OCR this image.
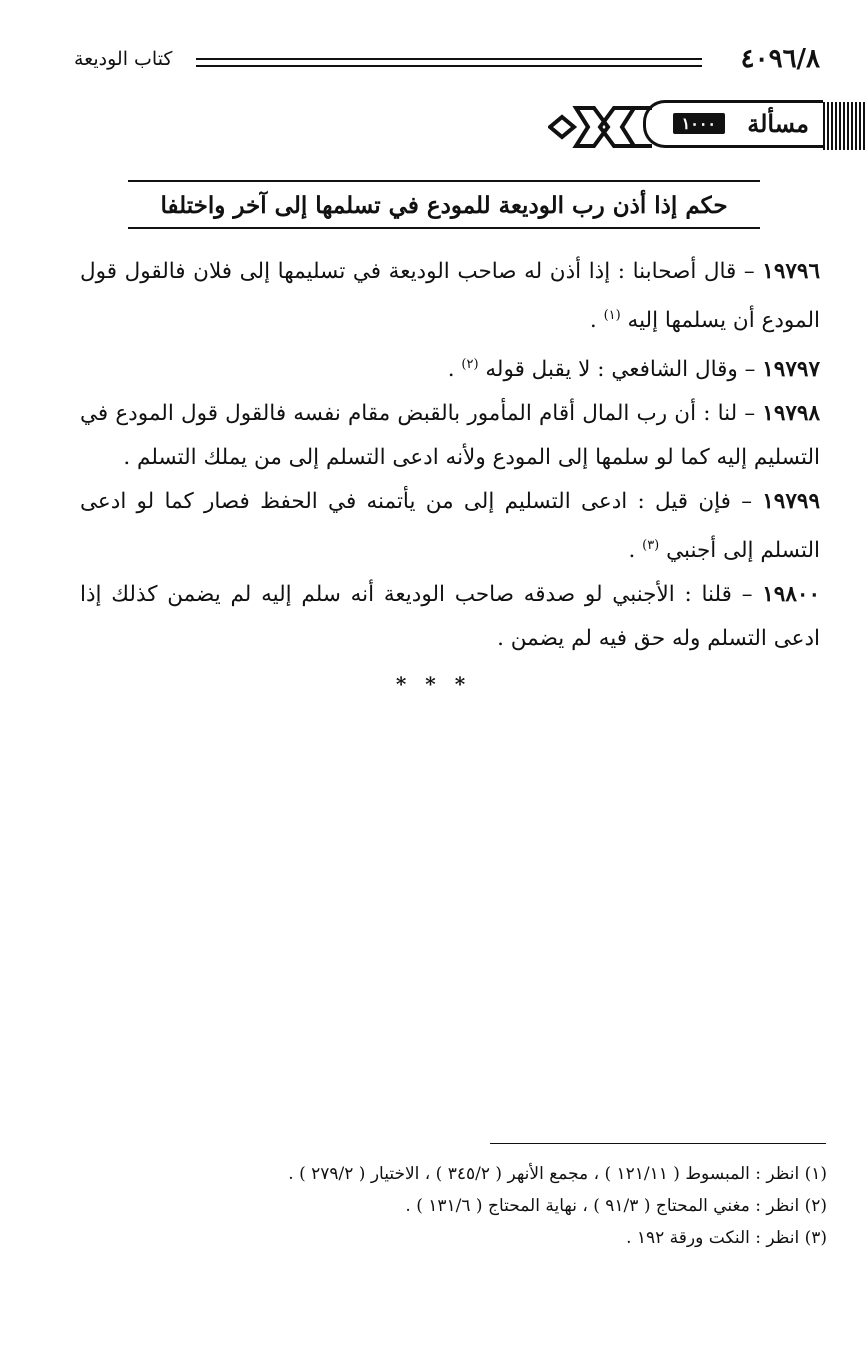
٤٠٩٦/٨
كتاب الوديعة
مسألة
١٠٠٠
حكم إذا أذن رب الوديعة للمودع في تسلمها إلى آخر واختلفا

١٩٧٩٦ – قال أصحابنا : إذا أذن له صاحب الوديعة في تسليمها إلى فلان فالقول قول المودع أن يسلمها إليه $^{(١)}$ .

١٩٧٩٧ – وقال الشافعي : لا يقبل قوله $^{(٢)}$ .

١٩٧٩٨ – لنا : أن رب المال أقام المأمور بالقبض مقام نفسه فالقول قول المودع في التسليم إليه كما لو سلمها إلى المودع ولأنه ادعى التسلم إلى من يملك التسلم .

١٩٧٩٩ – فإن قيل : ادعى التسليم إلى من يأتمنه في الحفظ فصار كما لو ادعى التسلم إلى أجنبي $^{(٣)}$ .

١٩٨٠٠ – قلنا : الأجنبي لو صدقه صاحب الوديعة أنه سلم إليه لم يضمن كذلك إذا ادعى التسلم وله حق فيه لم يضمن .

* * *
(١) انظر : المبسوط ( ١٢١/١١ ) ، مجمع الأنهر ( ٣٤٥/٢ ) ، الاختيار ( ٢٧٩/٢ ) .
(٢) انظر : مغني المحتاج ( ٩١/٣ ) ، نهاية المحتاج ( ١٣١/٦ ) .
(٣) انظر : النكت ورقة ١٩٢ .
